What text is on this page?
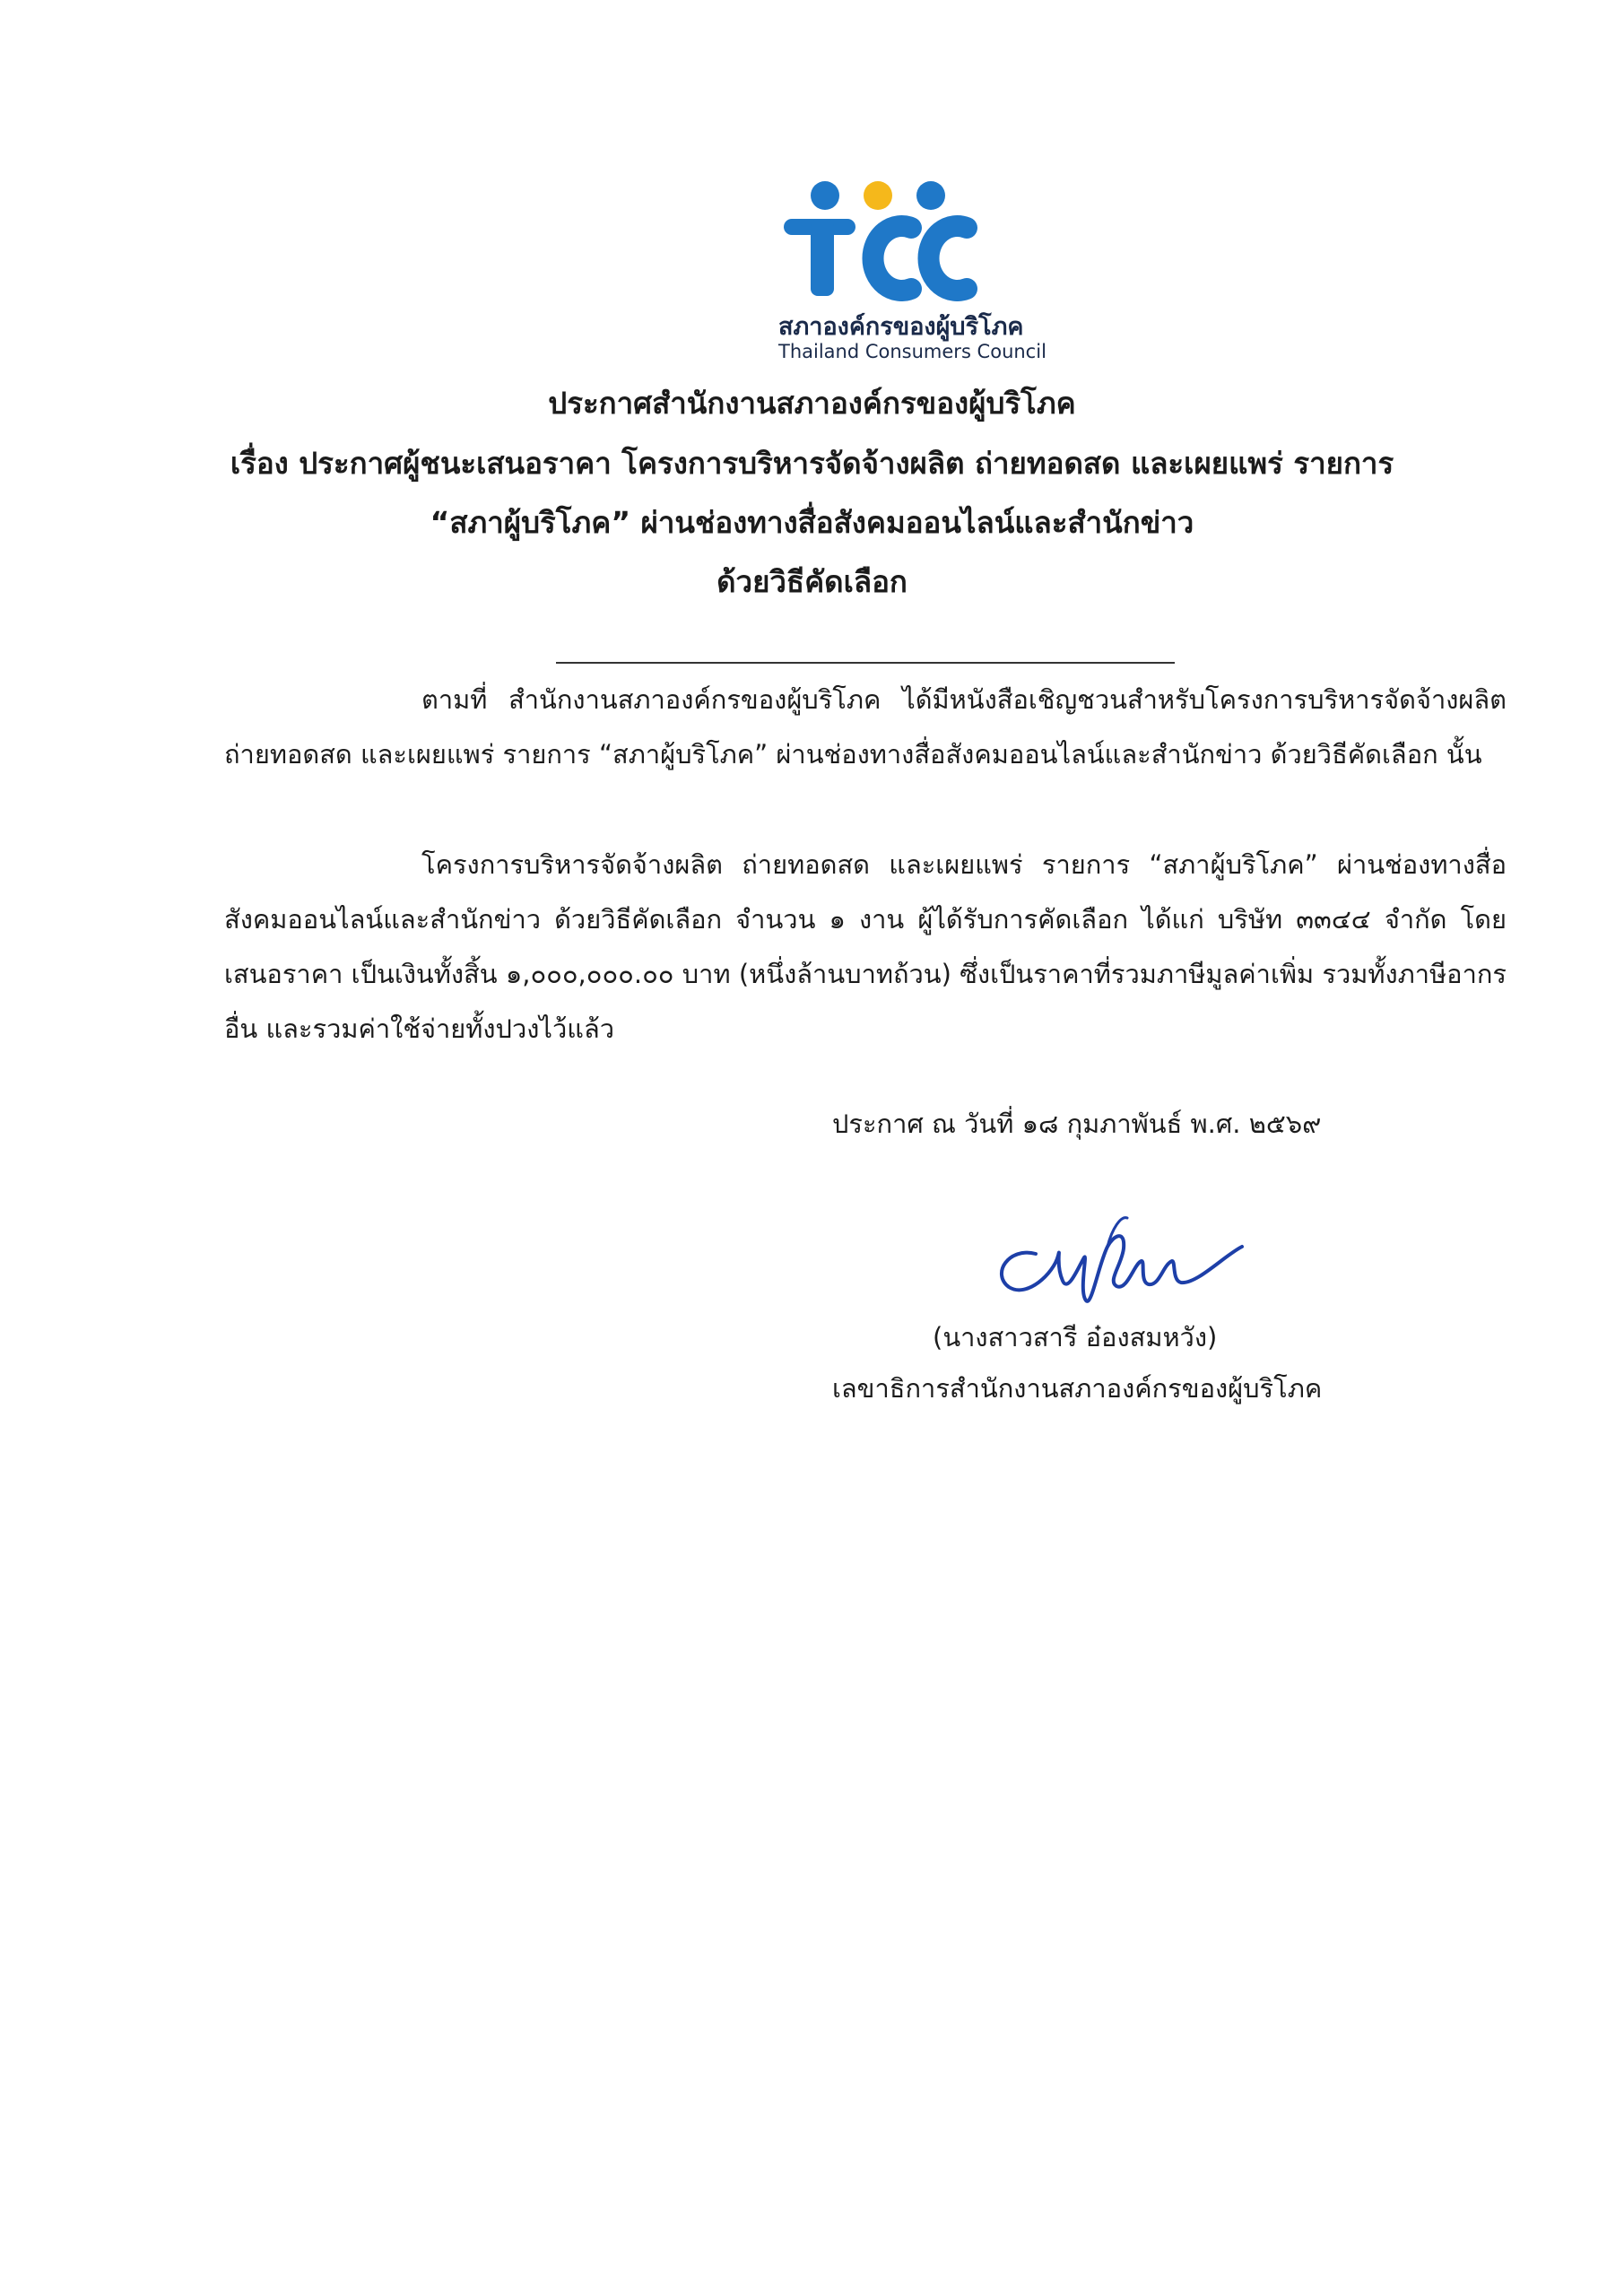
สภาองค์กรของผู้บริโภค
Thailand Consumers Council
ประกาศสำนักงานสภาองค์กรของผู้บริโภค
เรื่อง ประกาศผู้ชนะเสนอราคา โครงการบริหารจัดจ้างผลิต ถ่ายทอดสด และเผยแพร่ รายการ
“สภาผู้บริโภค” ผ่านช่องทางสื่อสังคมออนไลน์และสำนักข่าว
ด้วยวิธีคัดเลือก
ตามที่ สำนักงานสภาองค์กรของผู้บริโภค ได้มีหนังสือเชิญชวนสำหรับโครงการบริหารจัดจ้างผลิต ถ่ายทอดสด และเผยแพร่ รายการ “สภาผู้บริโภค” ผ่านช่องทางสื่อสังคมออนไลน์และสำนักข่าว ด้วยวิธีคัดเลือก นั้น
โครงการบริหารจัดจ้างผลิต ถ่ายทอดสด และเผยแพร่ รายการ “สภาผู้บริโภค” ผ่านช่องทางสื่อสังคมออนไลน์และสำนักข่าว ด้วยวิธีคัดเลือก จำนวน ๑ งาน ผู้ได้รับการคัดเลือก ได้แก่ บริษัท ๓๓๔๔ จำกัด โดยเสนอราคา เป็นเงินทั้งสิ้น ๑,๐๐๐,๐๐๐.๐๐ บาท (หนึ่งล้านบาทถ้วน) ซึ่งเป็นราคาที่รวมภาษีมูลค่าเพิ่ม รวมทั้งภาษีอากรอื่น และรวมค่าใช้จ่ายทั้งปวงไว้แล้ว
ประกาศ ณ วันที่ ๑๘ กุมภาพันธ์ พ.ศ. ๒๕๖๙
(นางสาวสารี อ๋องสมหวัง)
เลขาธิการสำนักงานสภาองค์กรของผู้บริโภค
